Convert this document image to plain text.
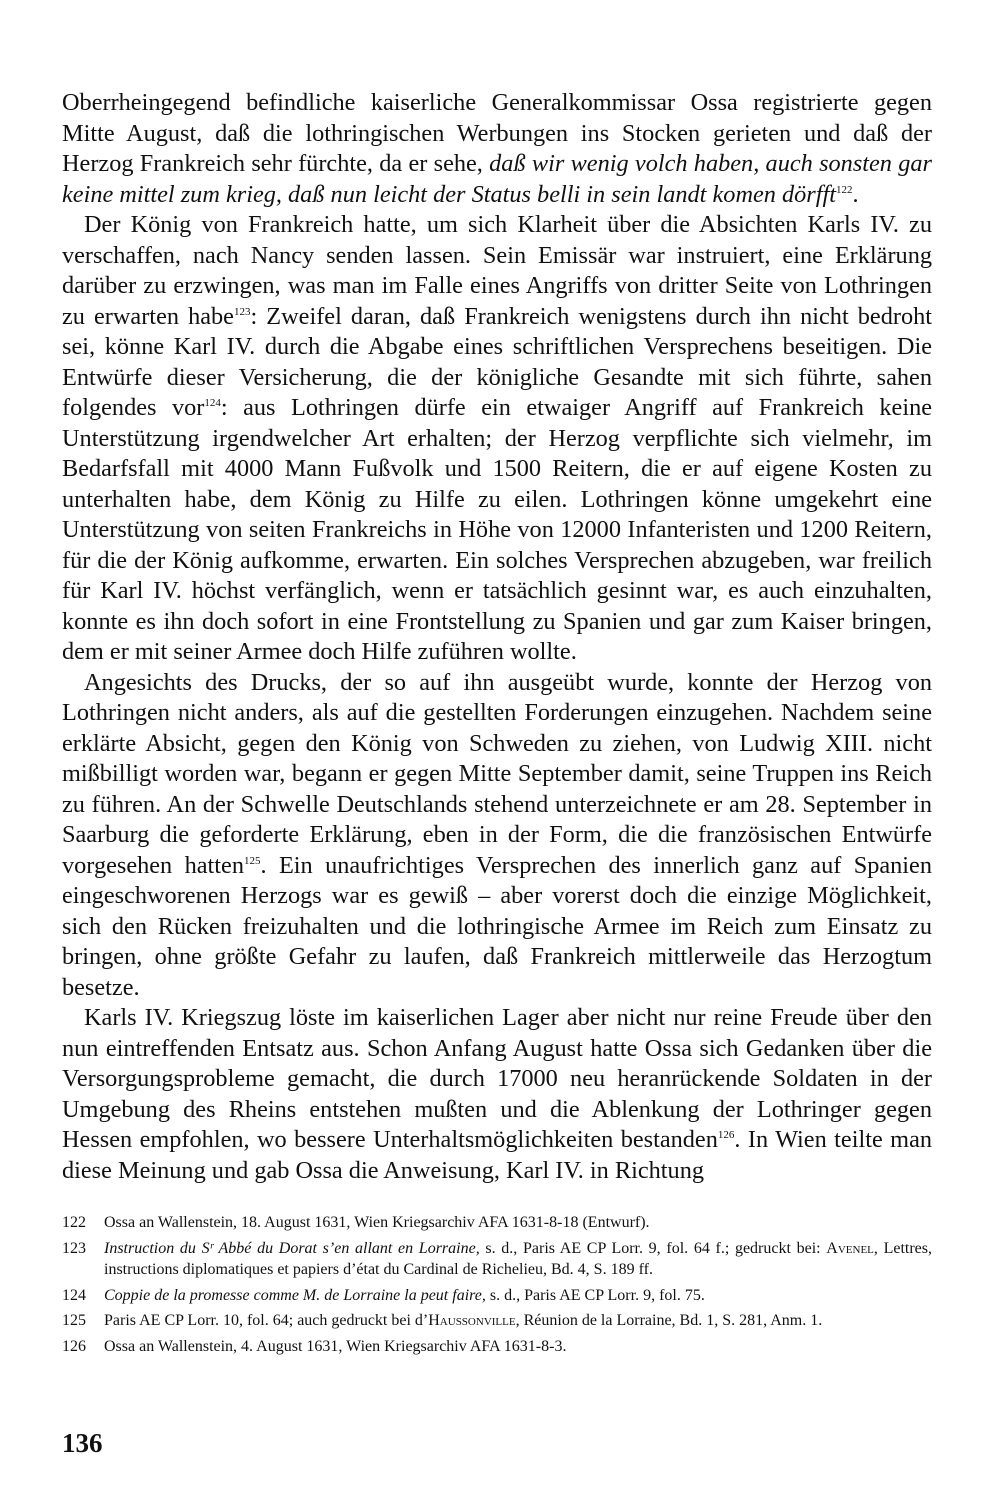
Oberrheingegend befindliche kaiserliche Generalkommissar Ossa registrierte gegen Mitte August, daß die lothringischen Werbungen ins Stocken gerieten und daß der Herzog Frankreich sehr fürchte, da er sehe, daß wir wenig volch haben, auch sonsten gar keine mittel zum krieg, daß nun leicht der Status belli in sein landt komen dörfft$^{122}$.

Der König von Frankreich hatte, um sich Klarheit über die Absichten Karls IV. zu verschaffen, nach Nancy senden lassen. Sein Emissär war instruiert, eine Erklärung darüber zu erzwingen, was man im Falle eines Angriffs von dritter Seite von Lothringen zu erwarten habe$^{123}$: Zweifel daran, daß Frankreich wenigstens durch ihn nicht bedroht sei, könne Karl IV. durch die Abgabe eines schriftlichen Versprechens beseitigen. Die Entwürfe dieser Versicherung, die der königliche Gesandte mit sich führte, sahen folgendes vor$^{124}$: aus Lothringen dürfe ein etwaiger Angriff auf Frankreich keine Unterstützung irgendwelcher Art erhalten; der Herzog verpflichte sich vielmehr, im Bedarfsfall mit 4000 Mann Fußvolk und 1500 Reitern, die er auf eigene Kosten zu unterhalten habe, dem König zu Hilfe zu eilen. Lothringen könne umgekehrt eine Unterstützung von seiten Frankreichs in Höhe von 12000 Infanteristen und 1200 Reitern, für die der König aufkomme, erwarten. Ein solches Versprechen abzugeben, war freilich für Karl IV. höchst verfänglich, wenn er tatsächlich gesinnt war, es auch einzuhalten, konnte es ihn doch sofort in eine Frontstellung zu Spanien und gar zum Kaiser bringen, dem er mit seiner Armee doch Hilfe zuführen wollte.

Angesichts des Drucks, der so auf ihn ausgeübt wurde, konnte der Herzog von Lothringen nicht anders, als auf die gestellten Forderungen einzugehen. Nachdem seine erklärte Absicht, gegen den König von Schweden zu ziehen, von Ludwig XIII. nicht mißbilligt worden war, begann er gegen Mitte September damit, seine Truppen ins Reich zu führen. An der Schwelle Deutschlands stehend unterzeichnete er am 28. September in Saarburg die geforderte Erklärung, eben in der Form, die die französischen Entwürfe vorgesehen hatten$^{125}$. Ein unaufrichtiges Versprechen des innerlich ganz auf Spanien eingeschworenen Herzogs war es gewiß – aber vorerst doch die einzige Möglichkeit, sich den Rücken freizuhalten und die lothringische Armee im Reich zum Einsatz zu bringen, ohne größte Gefahr zu laufen, daß Frankreich mittlerweile das Herzogtum besetze.

Karls IV. Kriegszug löste im kaiserlichen Lager aber nicht nur reine Freude über den nun eintreffenden Entsatz aus. Schon Anfang August hatte Ossa sich Gedanken über die Versorgungsprobleme gemacht, die durch 17000 neu heranrückende Soldaten in der Umgebung des Rheins entstehen mußten und die Ablenkung der Lothringer gegen Hessen empfohlen, wo bessere Unterhaltsmöglichkeiten bestanden$^{126}$. In Wien teilte man diese Meinung und gab Ossa die Anweisung, Karl IV. in Richtung

122	Ossa an Wallenstein, 18. August 1631, Wien Kriegsarchiv AFA 1631-8-18 (Entwurf).
123	Instruction du Sʳ Abbé du Dorat s’en allant en Lorraine, s. d., Paris AE CP Lorr. 9, fol. 64 f.; gedruckt bei: Avenel, Lettres, instructions diplomatiques et papiers d’état du Cardinal de Richelieu, Bd. 4, S. 189 ff.
124	Coppie de la promesse comme M. de Lorraine la peut faire, s. d., Paris AE CP Lorr. 9, fol. 75.
125	Paris AE CP Lorr. 10, fol. 64; auch gedruckt bei d’Haussonville, Réunion de la Lorraine, Bd. 1, S. 281, Anm. 1.
126	Ossa an Wallenstein, 4. August 1631, Wien Kriegsarchiv AFA 1631-8-3.
136
